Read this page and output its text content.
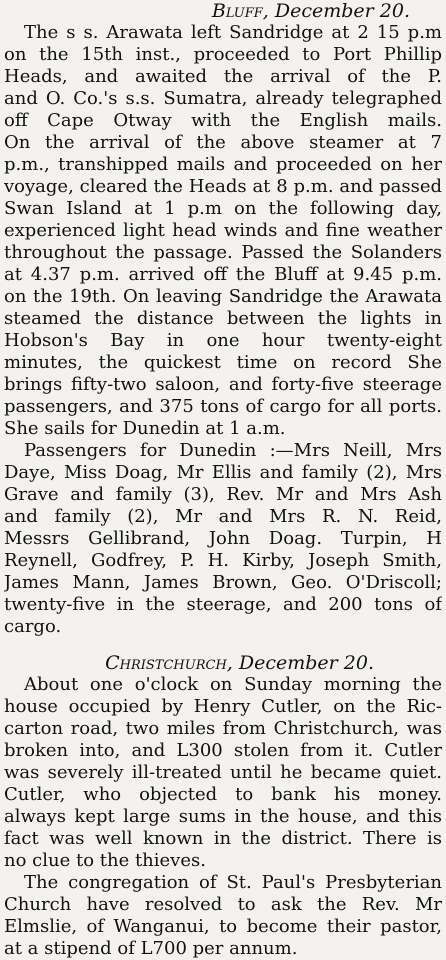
Bluff, December 20.

The s s. Arawata left Sandridge at 2 15 p.m
on the 15th inst., proceeded to Port Phillip
Heads, and awaited the arrival of the P.
and O. Co.'s s.s. Sumatra, already telegraphed
off Cape Otway with the English mails.
On the arrival of the above steamer at 7
p.m., transhipped mails and proceeded on her
voyage, cleared the Heads at 8 p.m. and passed
Swan Island at 1 p.m on the following day,
experienced light head winds and fine weather
throughout the passage. Passed the Solanders
at 4.37 p.m. arrived off the Bluff at 9.45 p.m.
on the 19th. On leaving Sandridge the Arawata
steamed the distance between the lights in
Hobson's Bay in one hour twenty-eight
minutes, the quickest time on record She
brings fifty-two saloon, and forty-five steerage
passengers, and 375 tons of cargo for all ports.
She sails for Dunedin at 1 a.m.
Passengers for Dunedin :—Mrs Neill, Mrs
Daye, Miss Doag, Mr Ellis and family (2), Mrs
Grave and family (3), Rev. Mr and Mrs Ash
and family (2), Mr and Mrs R. N. Reid,
Messrs Gellibrand, John Doag. Turpin, H
Reynell, Godfrey, P. H. Kirby, Joseph Smith,
James Mann, James Brown, Geo. O'Driscoll;
twenty-five in the steerage, and 200 tons of
cargo.

Christchurch, December 20.

About one o'clock on Sunday morning the
house occupied by Henry Cutler, on the Ric-
carton road, two miles from Christchurch, was
broken into, and L300 stolen from it. Cutler
was severely ill-treated until he became quiet.
Cutler, who objected to bank his money.
always kept large sums in the house, and this
fact was well known in the district. There is
no clue to the thieves.
The congregation of St. Paul's Presbyterian
Church have resolved to ask the Rev. Mr
Elmslie, of Wanganui, to become their pastor,
at a stipend of L700 per annum.
